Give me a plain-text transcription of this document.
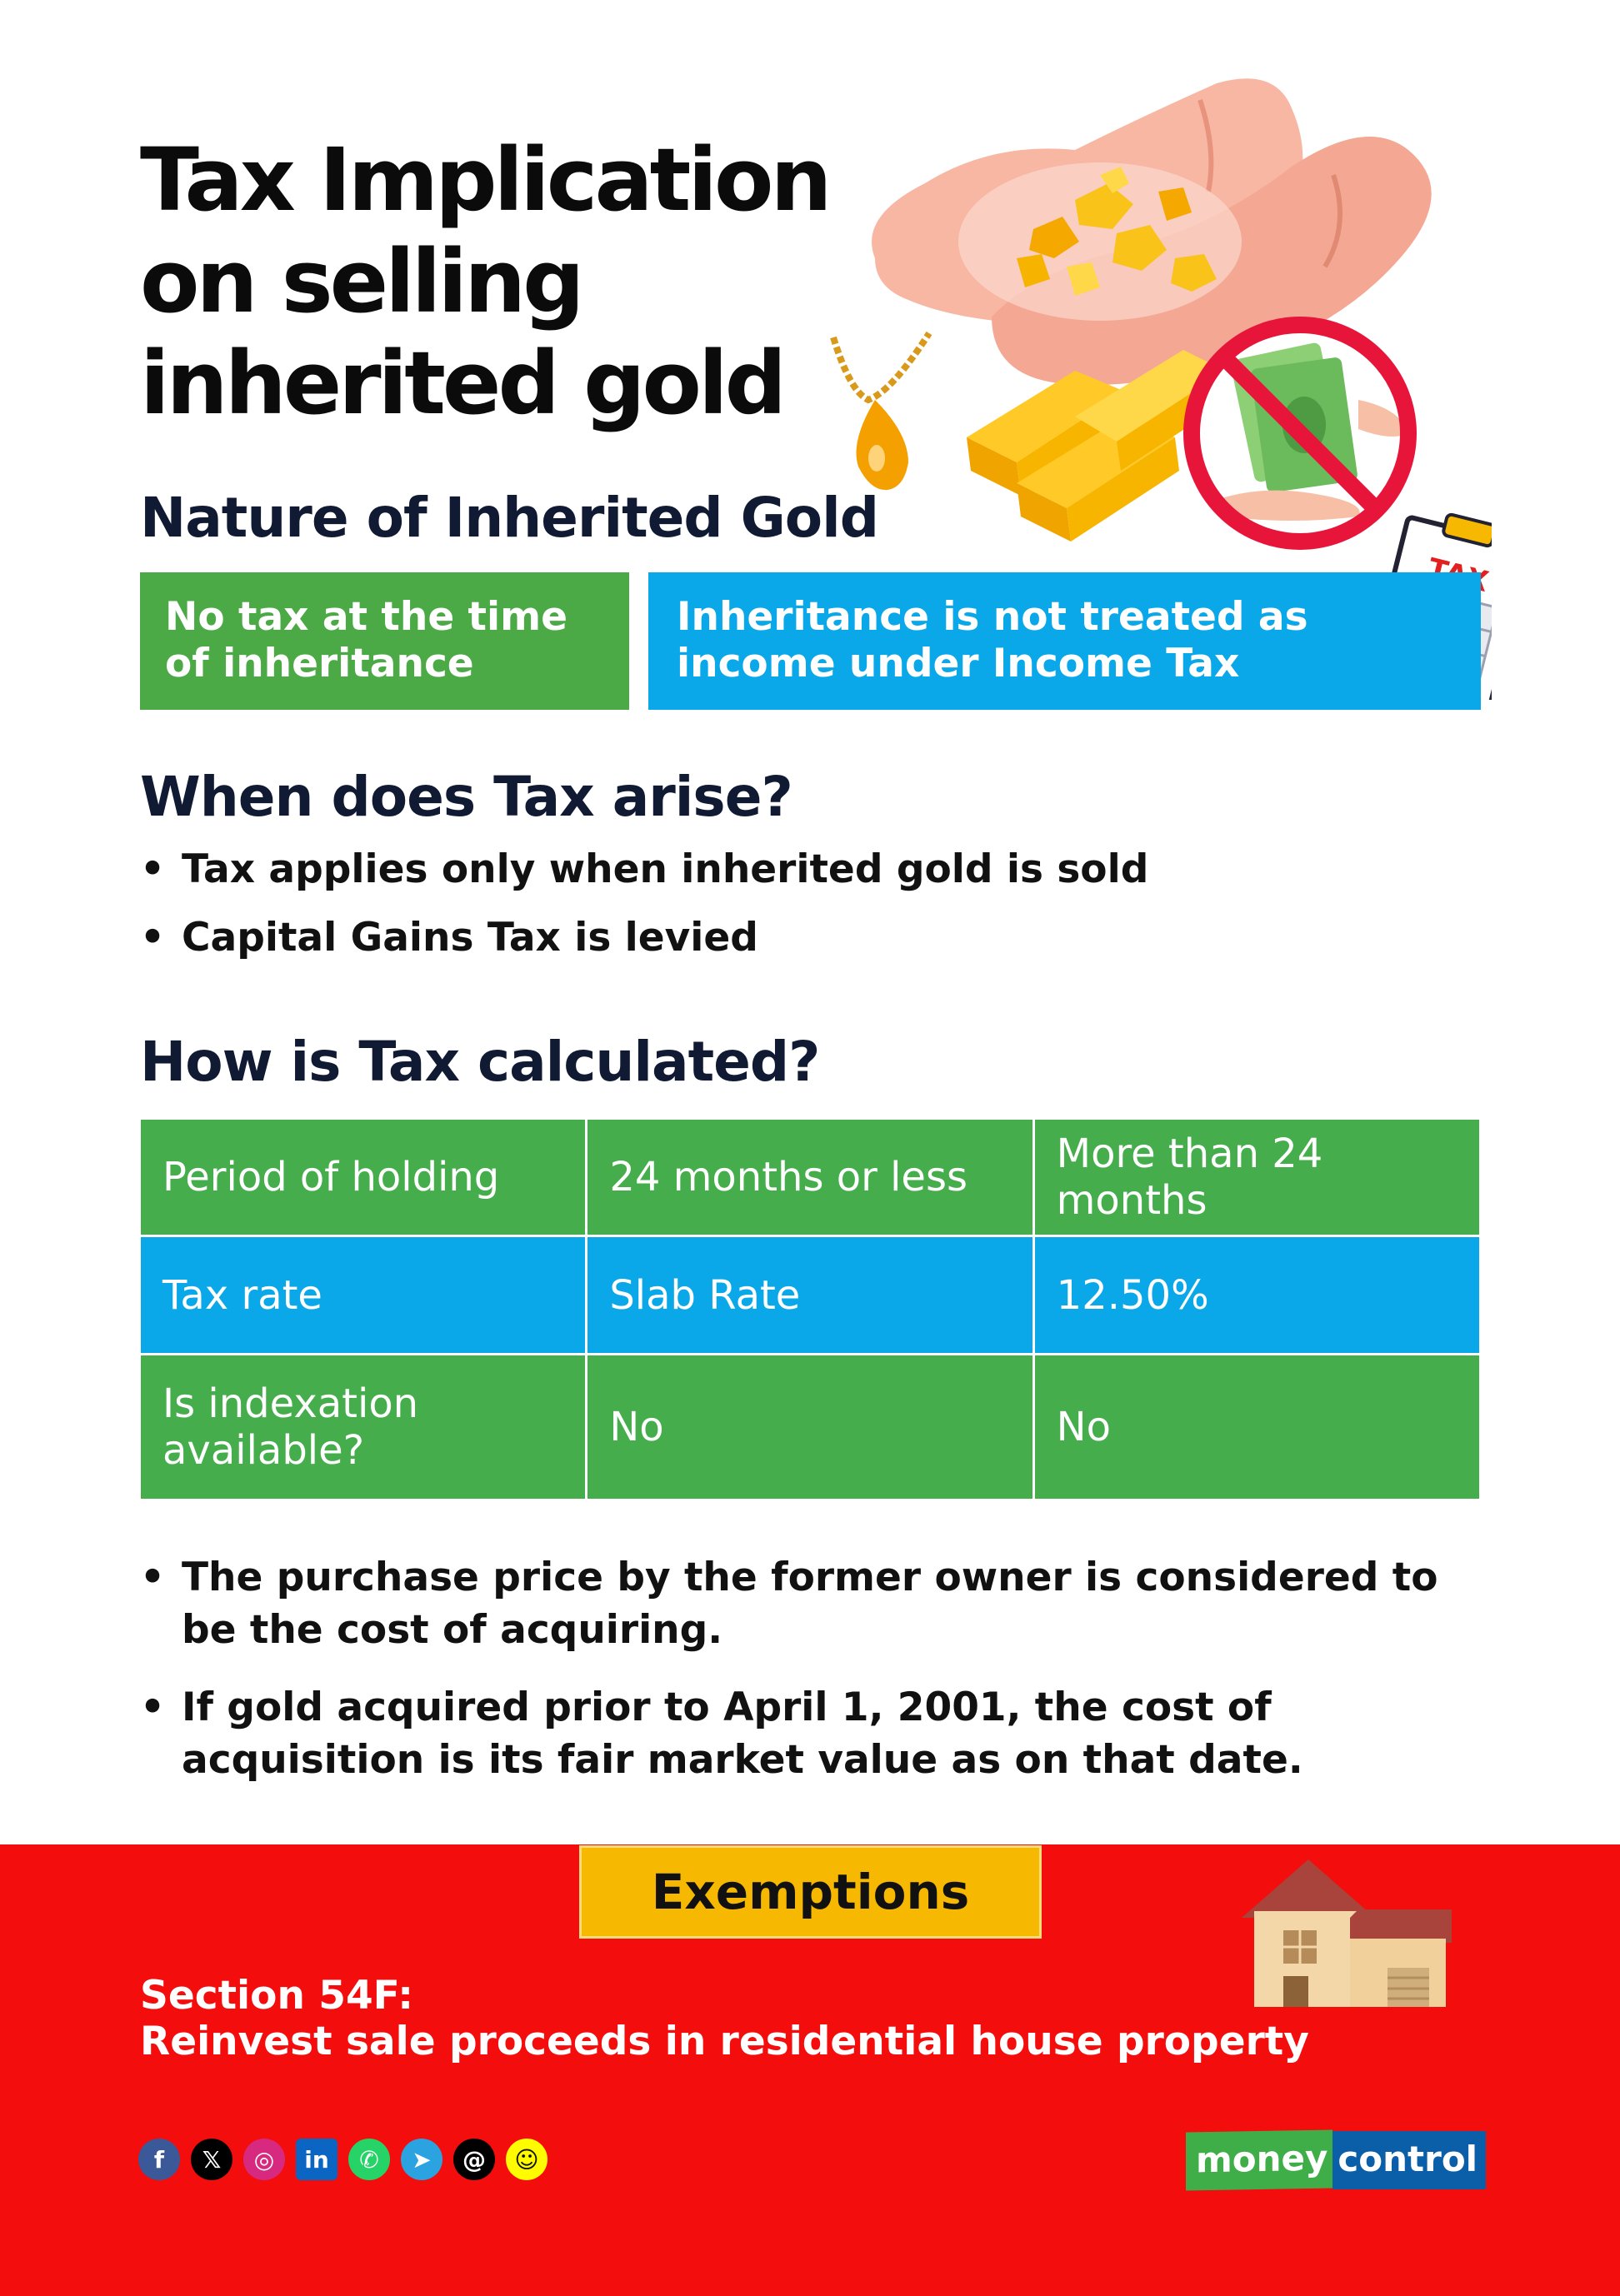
Tax Implication
on selling
inherited gold
Nature of Inherited Gold
No tax at the time
of inheritance
Inheritance is not treated as
income under Income Tax
When does Tax arise?
• Tax applies only when inherited gold is sold
• Capital Gains Tax is levied
How is Tax calculated?
Period of holding	24 months or less	More than 24 months
Tax rate	Slab Rate	12.50%
Is indexation available?	No	No
• The purchase price by the former owner is considered to be the cost of acquiring.
• If gold acquired prior to April 1, 2001, the cost of acquisition is its fair market value as on that date.
Exemptions
Section 54F:
Reinvest sale proceeds in residential house property
f	𝕏	◎	in	✆	➤	@	☺	money control
